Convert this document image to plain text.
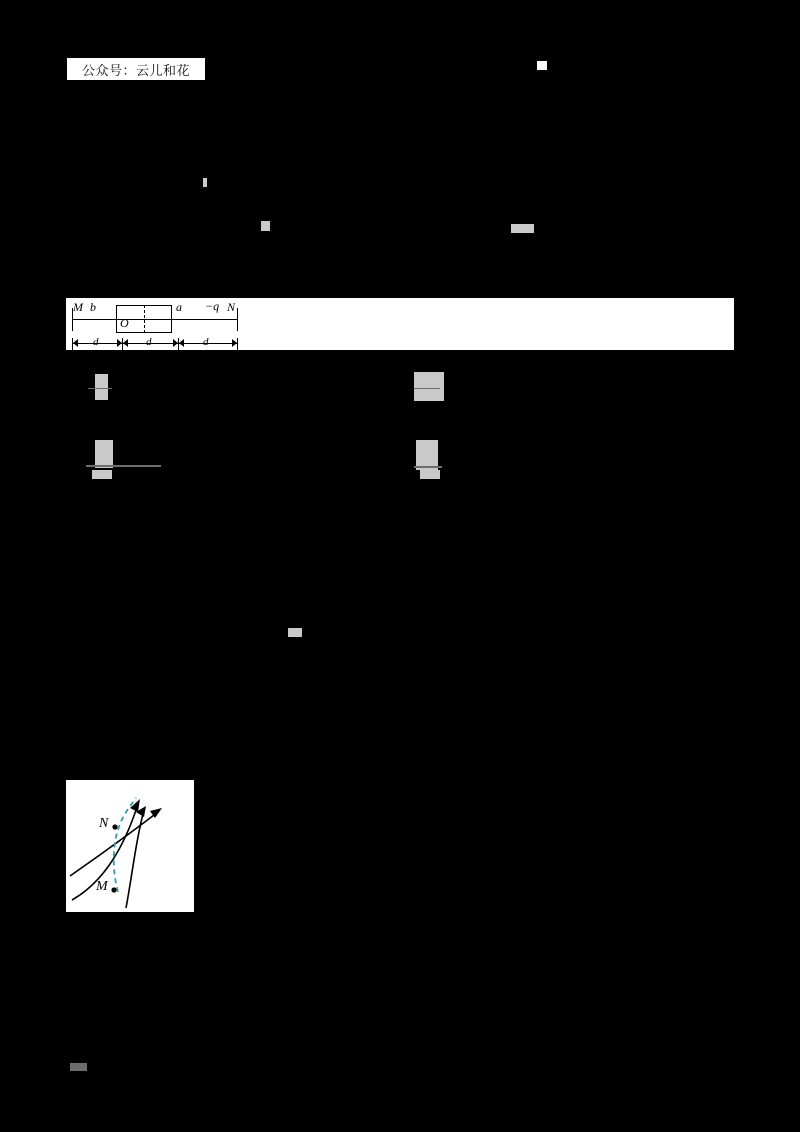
公众号：云儿和花
M b
O
a −q N
d	d	d
N
M
